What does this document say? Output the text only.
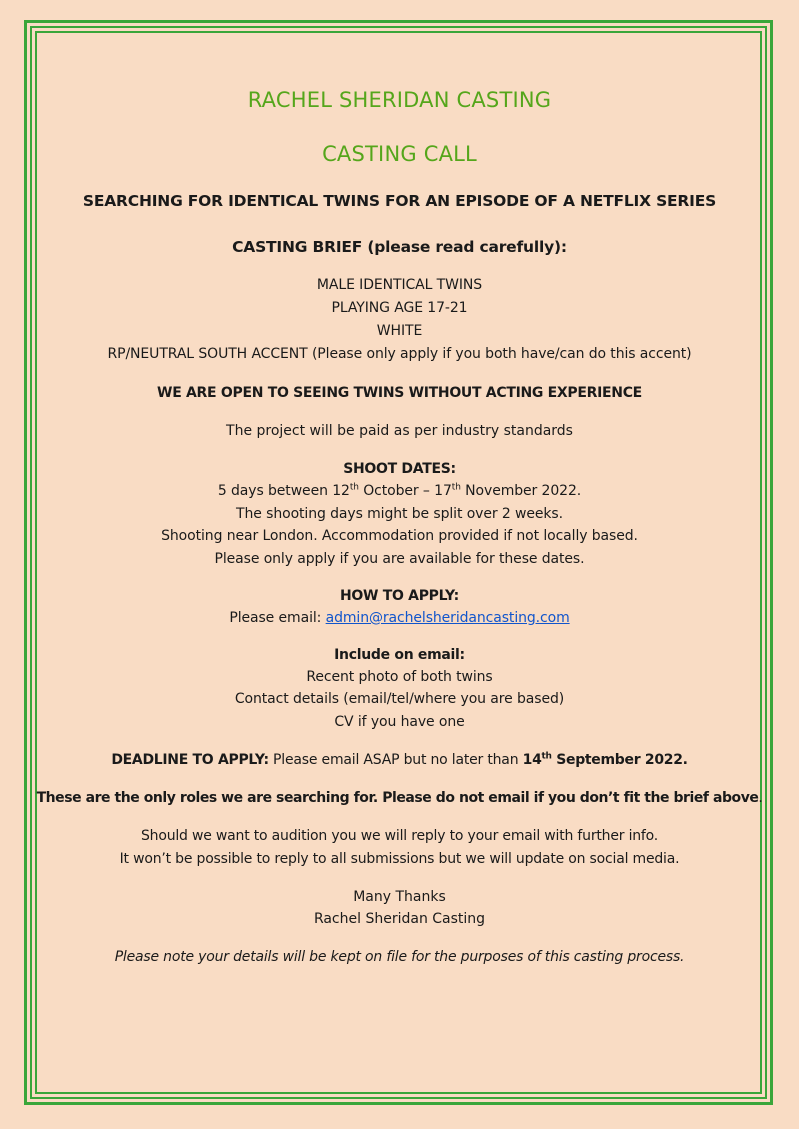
RACHEL SHERIDAN CASTING
CASTING CALL
SEARCHING FOR IDENTICAL TWINS FOR AN EPISODE OF A NETFLIX SERIES
CASTING BRIEF (please read carefully):
MALE IDENTICAL TWINS
PLAYING AGE 17-21
WHITE
RP/NEUTRAL SOUTH ACCENT (Please only apply if you both have/can do this accent)
WE ARE OPEN TO SEEING TWINS WITHOUT ACTING EXPERIENCE
The project will be paid as per industry standards
SHOOT DATES:
5 days between 12th October – 17th November 2022.
The shooting days might be split over 2 weeks.
Shooting near London. Accommodation provided if not locally based.
Please only apply if you are available for these dates.
HOW TO APPLY:
Please email: admin@rachelsheridancasting.com
Include on email:
Recent photo of both twins
Contact details (email/tel/where you are based)
CV if you have one
DEADLINE TO APPLY: Please email ASAP but no later than 14th September 2022.
These are the only roles we are searching for. Please do not email if you don’t fit the brief above.
Should we want to audition you we will reply to your email with further info.
It won’t be possible to reply to all submissions but we will update on social media.
Many Thanks
Rachel Sheridan Casting
Please note your details will be kept on file for the purposes of this casting process.
